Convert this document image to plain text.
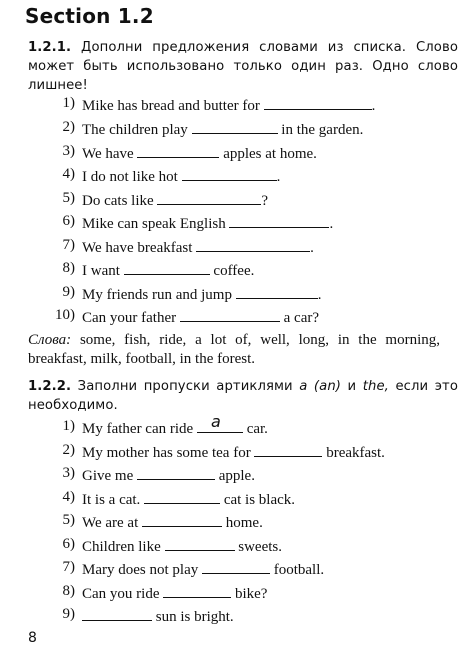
Section 1.2
1.2.1. Дополни предложения словами из списка. Слово может быть использовано только один раз. Одно слово лишнее!
1) Mike has bread and butter for	.
2) The children play	in the garden.
3) We have	apples at home.
4) I do not like hot	.
5) Do cats like	?
6) Mike can speak English	.
7) We have breakfast	.
8) I want	coffee.
9) My friends run and jump	.
10) Can your father	a car?
Слова: some, fish, ride, a lot of, well, long, in the morning, breakfast, milk, football, in the forest.
1.2.2. Заполни пропуски артиклями a (an) и the, если это необходимо.
1) My father can ride a car.
2) My mother has some tea for	breakfast.
3) Give me	apple.
4) It is a cat.	cat is black.
5) We are at	home.
6) Children like	sweets.
7) Mary does not play	football.
8) Can you ride	bike?
9)	sun is bright.
8
